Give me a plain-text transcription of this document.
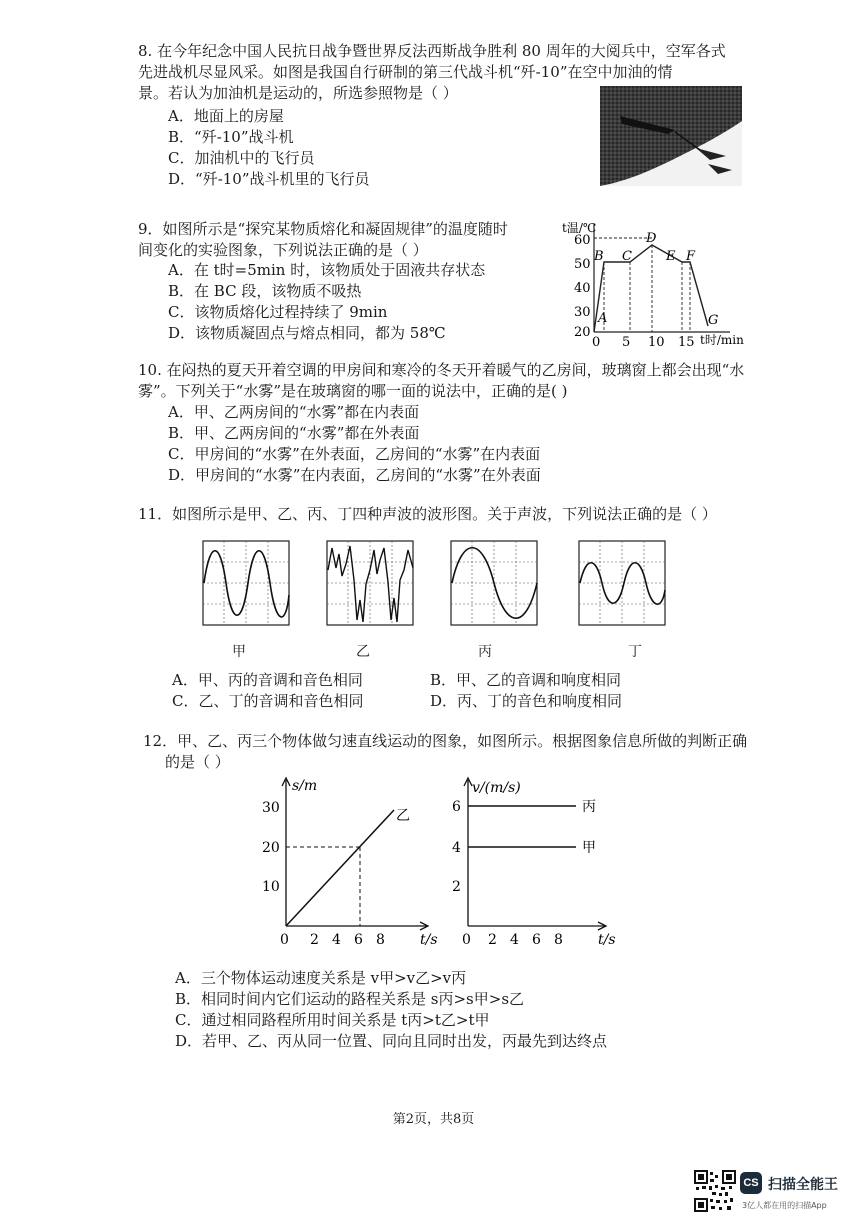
8. 在今年纪念中国人民抗日战争暨世界反法西斯战争胜利 80 周年的大阅兵中，空军各式
先进战机尽显风采。如图是我国自行研制的第三代战斗机“歼-10”在空中加油的情
景。若认为加油机是运动的，所选参照物是（ ）
A．地面上的房屋
B．“歼-10”战斗机
C．加油机中的飞行员
D．“歼-10”战斗机里的飞行员
9．如图所示是“探究某物质熔化和凝固规律”的温度随时
间变化的实验图象，下列说法正确的是（ ）
A．在 t时=5min 时，该物质处于固液共存状态
B．在 BC 段，该物质不吸热
C．该物质熔化过程持续了 9min
D．该物质凝固点与熔点相同，都为 58℃
t温/℃
t时/min
60
50
40
30
20
0 5 10 15
A
B C
D
E F
G
10. 在闷热的夏天开着空调的甲房间和寒冷的冬天开着暖气的乙房间，玻璃窗上都会出现“水
雾”。下列关于“水雾”是在玻璃窗的哪一面的说法中，正确的是( )
A．甲、乙两房间的“水雾”都在内表面
B．甲、乙两房间的“水雾”都在外表面
C．甲房间的“水雾”在外表面，乙房间的“水雾”在内表面
D．甲房间的“水雾”在内表面，乙房间的“水雾”在外表面
11．如图所示是甲、乙、丙、丁四种声波的波形图。关于声波，下列说法正确的是（ ）
甲	乙	丙	丁
A．甲、丙的音调和音色相同	B．甲、乙的音调和响度相同
C．乙、丁的音调和音色相同	D．丙、丁的音色和响度相同
12．甲、乙、丙三个物体做匀速直线运动的图象，如图所示。根据图象信息所做的判断正确
的是（ ）
s/m
t/s
乙
30
20
10
0 2 4 6 8
v/(m/s)
t/s
丙
甲
6
4
2
0 2 4 6 8
A．三个物体运动速度关系是 v甲>v乙>v丙
B．相同时间内它们运动的路程关系是 s丙>s甲>s乙
C．通过相同路程所用时间关系是 t丙>t乙>t甲
D．若甲、乙、丙从同一位置、同向且同时出发，丙最先到达终点
第2页，共8页
CS 扫描全能王
3亿人都在用的扫描App
